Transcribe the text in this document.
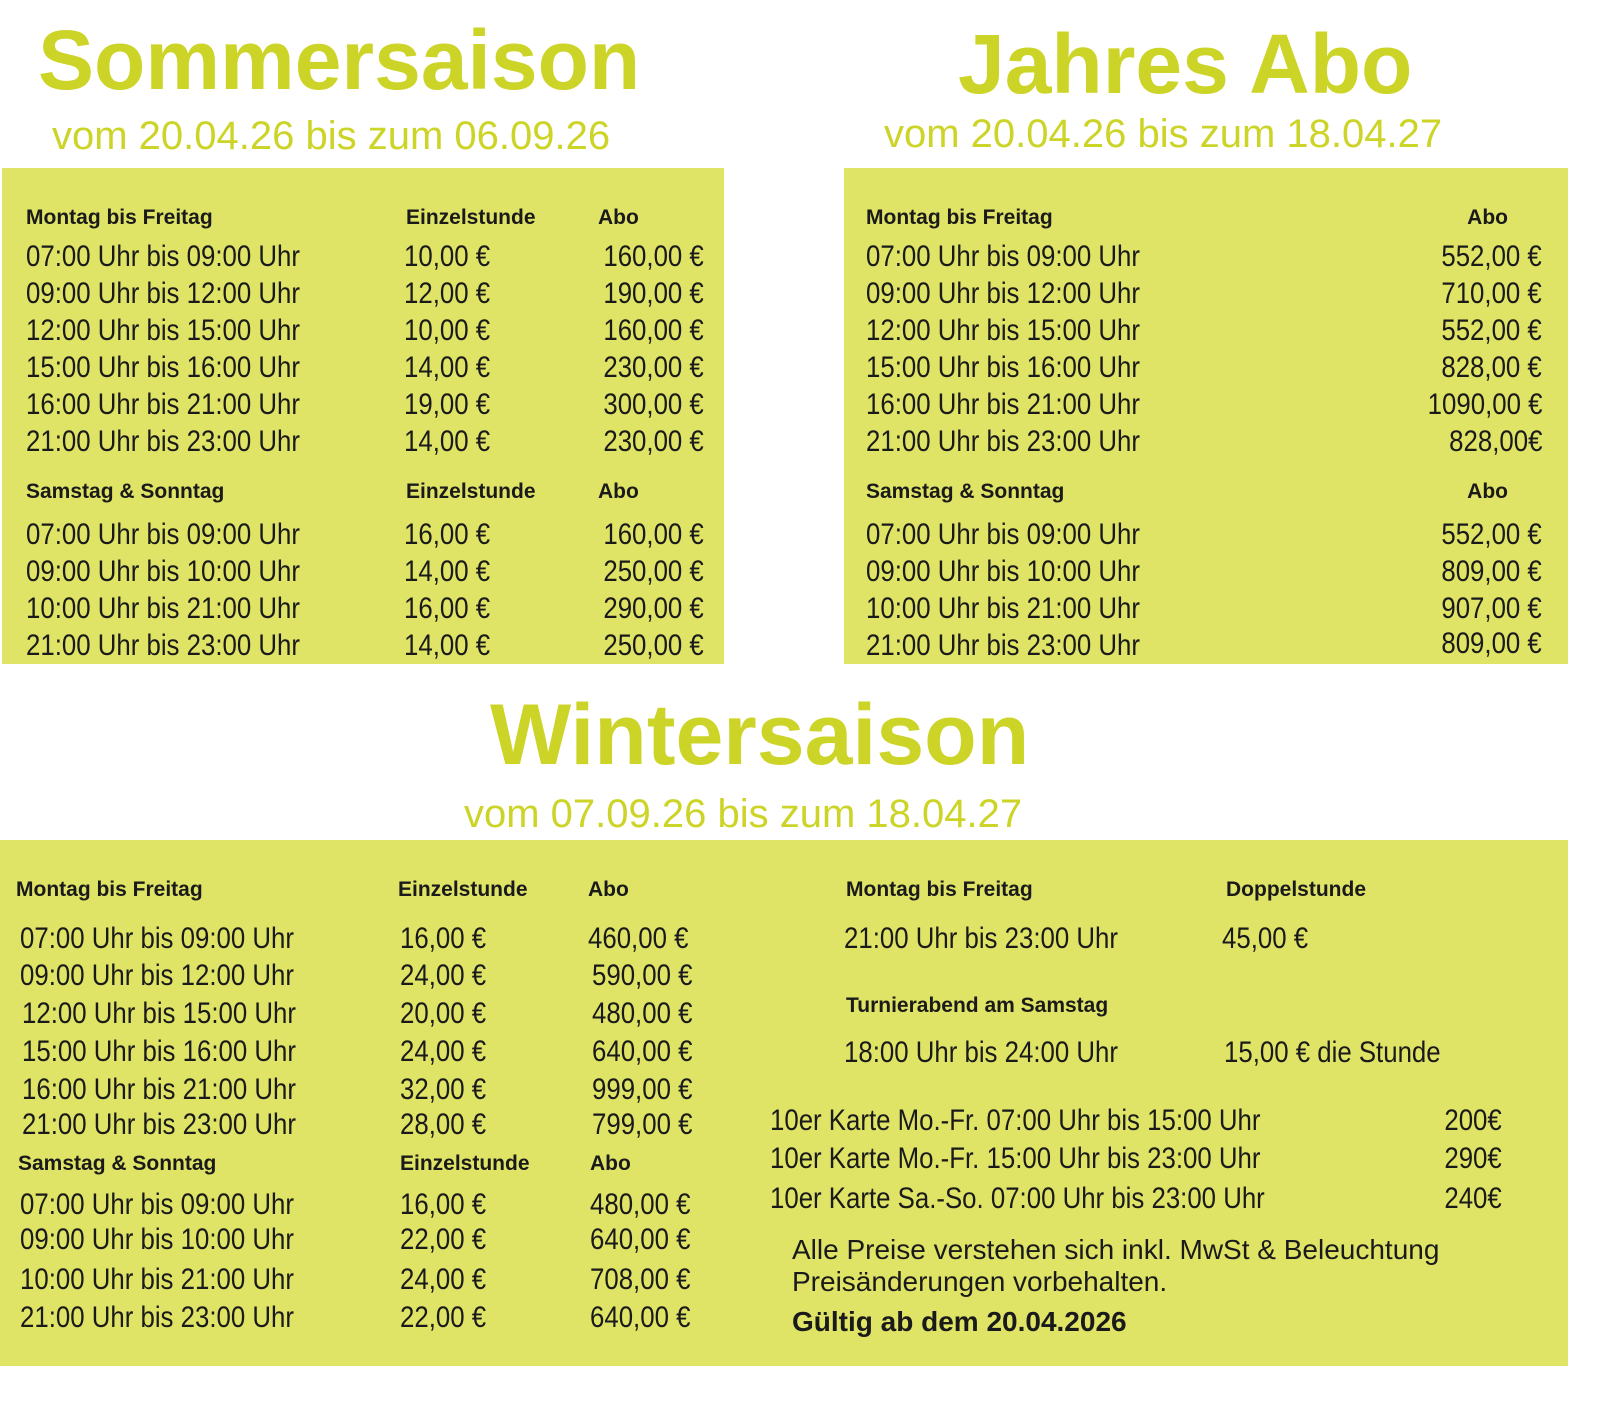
Sommersaison
vom 20.04.26 bis zum 06.09.26
Montag bis Freitag	Einzelstunde	Abo
07:00 Uhr bis 09:00 Uhr	10,00 €	160,00 €
09:00 Uhr bis 12:00 Uhr	12,00 €	190,00 €
12:00 Uhr bis 15:00 Uhr	10,00 €	160,00 €
15:00 Uhr bis 16:00 Uhr	14,00 €	230,00 €
16:00 Uhr bis 21:00 Uhr	19,00 €	300,00 €
21:00 Uhr bis 23:00 Uhr	14,00 €	230,00 €
Samstag & Sonntag	Einzelstunde	Abo
07:00 Uhr bis 09:00 Uhr	16,00 €	160,00 €
09:00 Uhr bis 10:00 Uhr	14,00 €	250,00 €
10:00 Uhr bis 21:00 Uhr	16,00 €	290,00 €
21:00 Uhr bis 23:00 Uhr	14,00 €	250,00 €
Jahres Abo
vom 20.04.26 bis zum 18.04.27
Montag bis Freitag	Abo
07:00 Uhr bis 09:00 Uhr	552,00 €
09:00 Uhr bis 12:00 Uhr	710,00 €
12:00 Uhr bis 15:00 Uhr	552,00 €
15:00 Uhr bis 16:00 Uhr	828,00 €
16:00 Uhr bis 21:00 Uhr	1090,00 €
21:00 Uhr bis 23:00 Uhr	828,00€
Samstag & Sonntag	Abo
07:00 Uhr bis 09:00 Uhr	552,00 €
09:00 Uhr bis 10:00 Uhr	809,00 €
10:00 Uhr bis 21:00 Uhr	907,00 €
21:00 Uhr bis 23:00 Uhr	809,00 €
Wintersaison
vom 07.09.26 bis zum 18.04.27
Montag bis Freitag	Einzelstunde	Abo
07:00 Uhr bis 09:00 Uhr	16,00 €	460,00 €
09:00 Uhr bis 12:00 Uhr	24,00 €	590,00 €
12:00 Uhr bis 15:00 Uhr	20,00 €	480,00 €
15:00 Uhr bis 16:00 Uhr	24,00 €	640,00 €
16:00 Uhr bis 21:00 Uhr	32,00 €	999,00 €
21:00 Uhr bis 23:00 Uhr	28,00 €	799,00 €
Samstag & Sonntag	Einzelstunde	Abo
07:00 Uhr bis 09:00 Uhr	16,00 €	480,00 €
09:00 Uhr bis 10:00 Uhr	22,00 €	640,00 €
10:00 Uhr bis 21:00 Uhr	24,00 €	708,00 €
21:00 Uhr bis 23:00 Uhr	22,00 €	640,00 €
Montag bis Freitag	Doppelstunde
21:00 Uhr bis 23:00 Uhr	45,00 €
Turnierabend am Samstag
18:00 Uhr bis 24:00 Uhr	15,00 € die Stunde
10er Karte Mo.-Fr. 07:00 Uhr bis 15:00 Uhr	200€
10er Karte Mo.-Fr. 15:00 Uhr bis 23:00 Uhr	290€
10er Karte Sa.-So. 07:00 Uhr bis 23:00 Uhr	240€
Alle Preise verstehen sich inkl. MwSt & Beleuchtung
Preisänderungen vorbehalten.
Gültig ab dem 20.04.2026
